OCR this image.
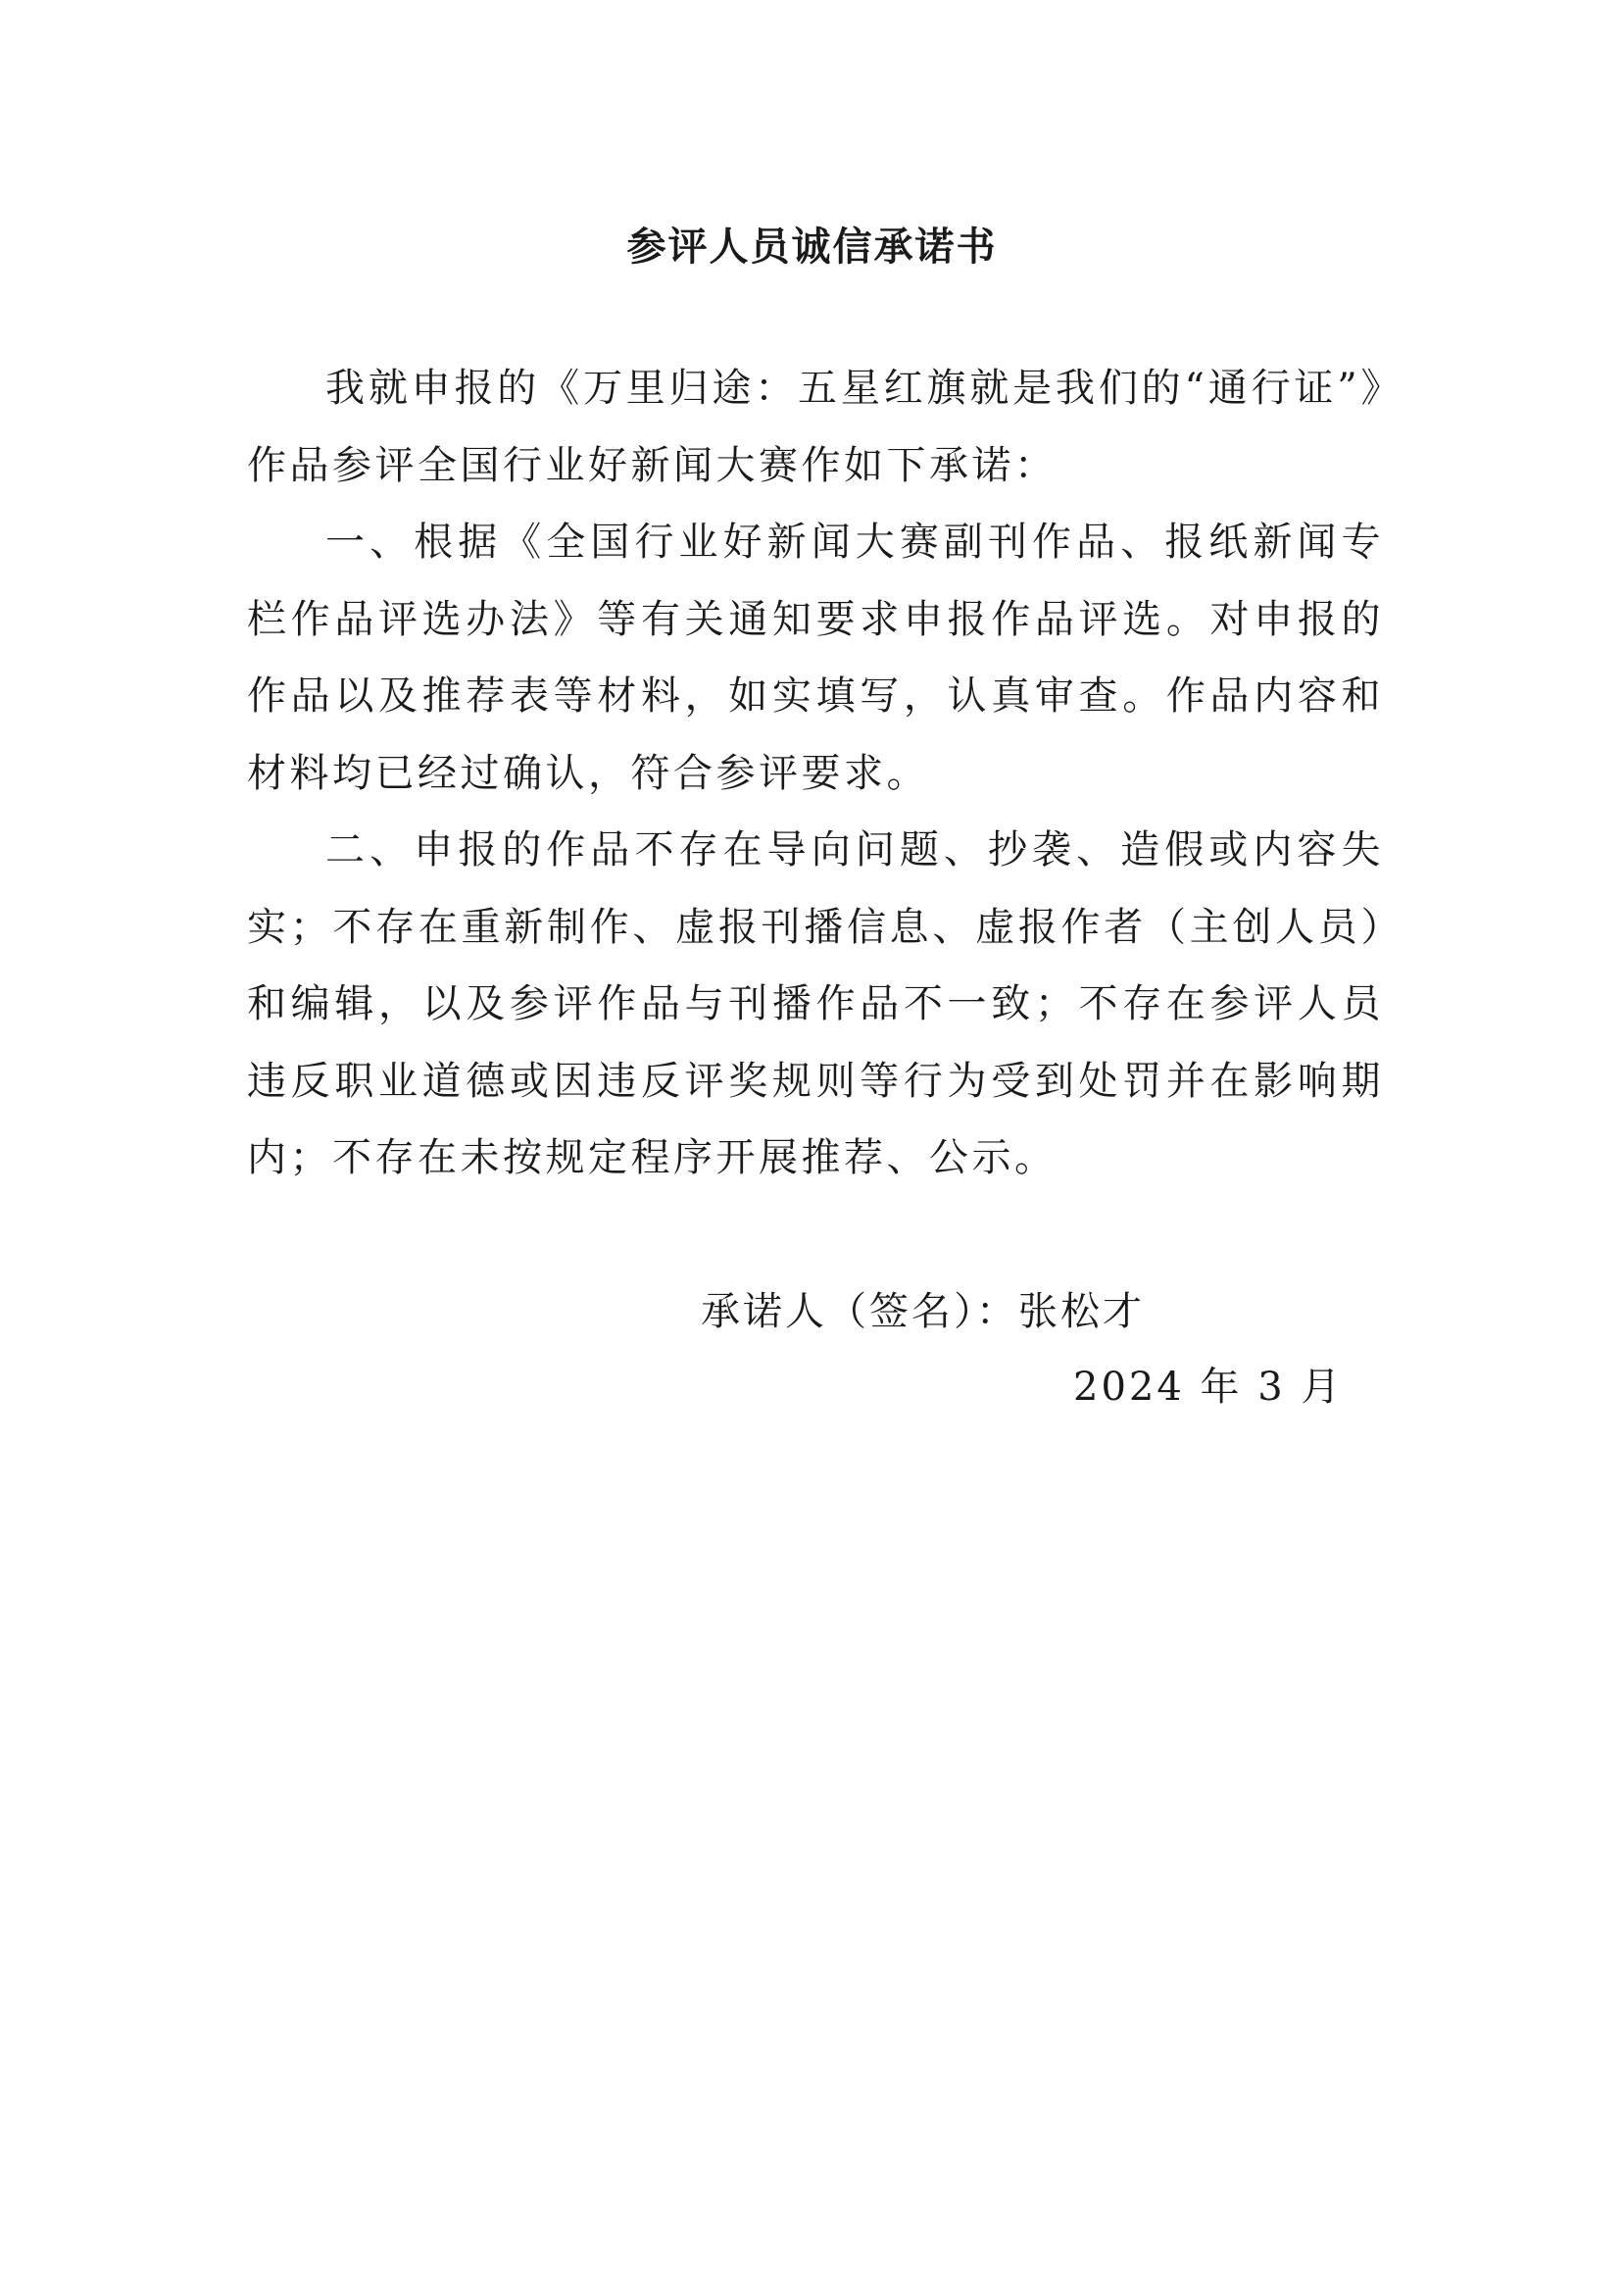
参评人员诚信承诺书

我就申报的《万里归途：五星红旗就是我们的“通行证”》作品参评全国行业好新闻大赛作如下承诺：

一、根据《全国行业好新闻大赛副刊作品、报纸新闻专栏作品评选办法》等有关通知要求申报作品评选。对申报的作品以及推荐表等材料，如实填写，认真审查。作品内容和材料均已经过确认，符合参评要求。

二、申报的作品不存在导向问题、抄袭、造假或内容失实；不存在重新制作、虚报刊播信息、虚报作者（主创人员）和编辑，以及参评作品与刊播作品不一致；不存在参评人员违反职业道德或因违反评奖规则等行为受到处罚并在影响期内；不存在未按规定程序开展推荐、公示。

承诺人（签名）：张松才
2024 年 3 月
